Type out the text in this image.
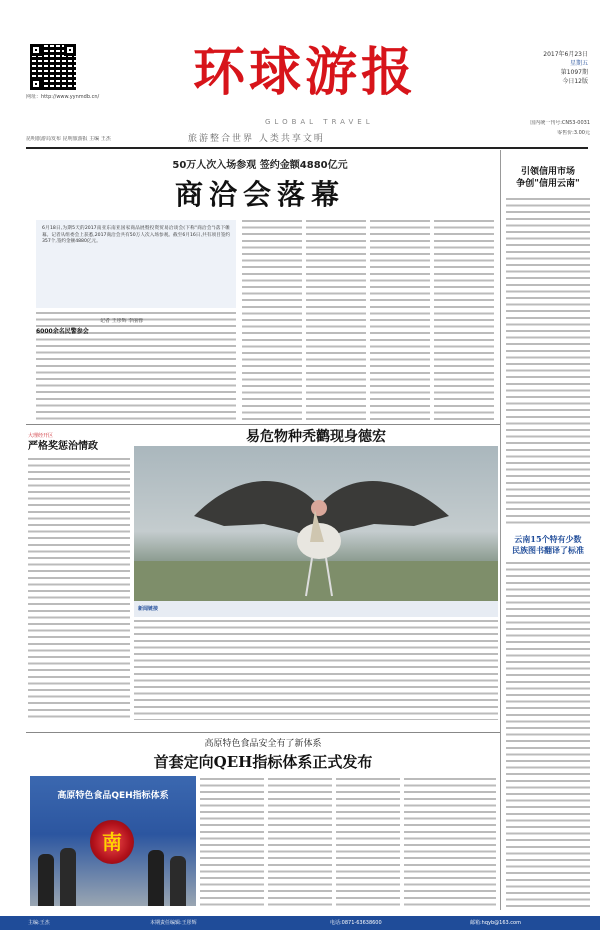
网址：http://www.yynmdb.cn/	环球游报
GLOBAL TRAVEL
旅游整合世界 人类共享文明
2017年6月23日
星期五
第1097期
今日12版
昆明旅游局发布 昆明旅游报 主编 王杰
国内统一刊号:CN53-0031
零售价:3.00元
50万人次入场参观 签约金额4880亿元
商洽会落幕
6月18日,为期5天的2017南亚东南亚国家商品展暨投资贸易洽谈会(下称"商洽会")落下帷幕。记者从组委会上获悉,2017商洽会共有50万人次入场参观。截至6月16日,共有项目签约357个,签约金额4880亿元。
记者 王彤辉 李丽蓉
引领信用市场
争创"信用云南"
云南15个特有少数
民族图书翻译了标准
6000余名民警参会
大理经开区
严格奖惩治情政
易危物种秃鹳现身德宏
新闻链接
高原特色食品安全有了新体系
首套定向QEH指标体系正式发布
高原特色食品QEH指标体系
南
主编:王杰	本期责任编辑:王彤辉	电话:0871-63638600	邮箱:hqyb@163.com
